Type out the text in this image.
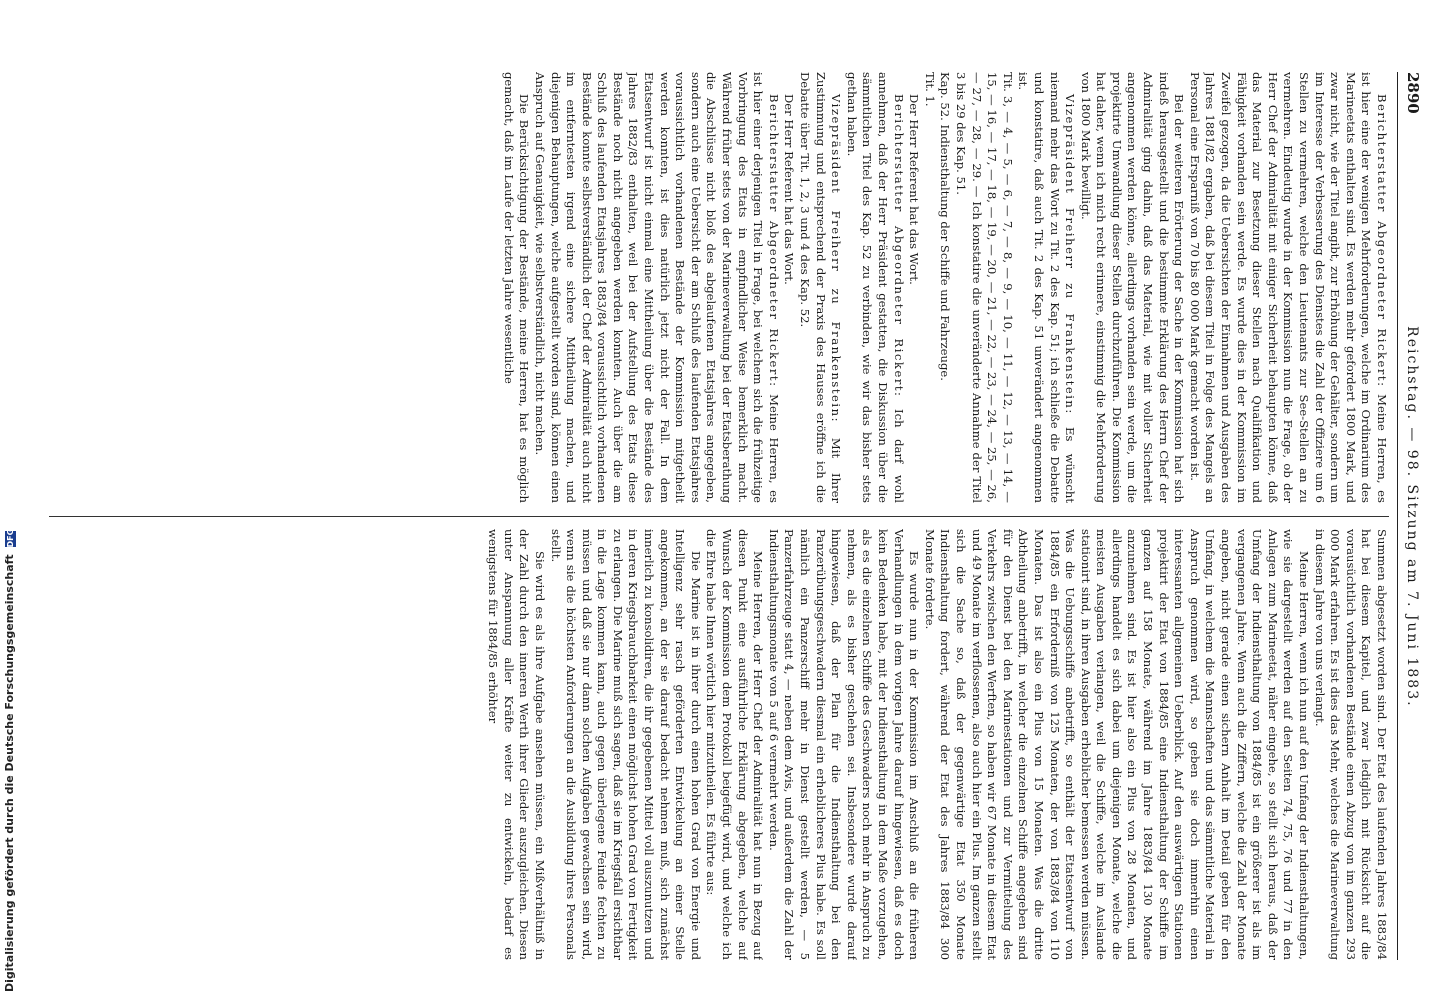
2890
Reichstag. — 98. Sitzung am 7. Juni 1883.

Berichterstatter Abgeordneter Rickert: Meine Herren, es ist hier eine der wenigen Mehrforderungen, welche im Ordinarium des Marineetats enthalten sind. Es werden mehr gefordert 1800 Mark, und zwar nicht, wie der Titel angibt, zur Erhöhung der Gehälter, sondern um im Interesse der Verbesserung des Dienstes die Zahl der Offiziere um 6 Stellen zu vermehren, welche den Lieutenants zur See-Stellen an zu vermehren. Eindeutig wurde in der Kommission nun die Frage, ob der Herr Chef der Admiralität mit einiger Sicherheit behaupten könne, daß das Material zur Besetzung dieser Stellen nach Qualifikation und Fähigkeit vorhanden sein werde. Es wurde dies in der Kommission im Zweifel gezogen, da die Uebersichten der Einnahmen und Ausgaben des Jahres 1881/82 ergaben, daß bei diesem Titel in Folge des Mangels an Personal eine Ersparniß von 70 bis 80 000 Mark gemacht worden ist.

Bei der weiteren Erörterung der Sache in der Kommission hat sich indeß herausgestellt und die bestimmte Erklärung des Herrn Chef der Admiralität ging dahin, daß das Material, wie mit voller Sicherheit angenommen werden könne, allerdings vorhanden sein werde, um die projektirte Umwandlung dieser Stellen durchzuführen. Die Kommission hat daher, wenn ich mich recht erinnere, einstimmig die Mehrforderung von 1800 Mark bewilligt.

Vizepräsident Freiherr zu Frankenstein: Es wünscht niemand mehr das Wort zu Tit. 2 des Kap. 51; ich schließe die Debatte und konstatire, daß auch Tit. 2 des Kap. 51 unverändert angenommen ist.

Tit. 3, — 4, — 5, — 6, — 7, — 8, — 9, — 10, — 11, — 12, — 13, — 14, — 15, — 16, — 17, — 18, — 19, — 20, — 21, — 22, — 23, — 24, — 25, — 26, — 27, — 28, — 29. — Ich konstatire die unveränderte Annahme der Titel 3 bis 29 des Kap. 51.

Kap. 52. Indiensthaltung der Schiffe und Fahrzeuge.

Tit. 1.

Der Herr Referent hat das Wort.

Berichterstatter Abgeordneter Rickert: Ich darf wohl annehmen, daß der Herr Präsident gestatten, die Diskussion über die sämmtlichen Titel des Kap. 52 zu verbinden, wie wir das bisher stets gethan haben.

Vizepräsident Freiherr zu Frankenstein: Mit Ihrer Zustimmung und entsprechend der Praxis des Hauses eröffne ich die Debatte über Tit. 1, 2, 3 und 4 des Kap. 52.

Der Herr Referent hat das Wort.

Berichterstatter Abgeordneter Rickert: Meine Herren, es ist hier einer derjenigen Titel in Frage, bei welchem sich die frühzeitige Vorbringung des Etats in empfindlicher Weise bemerklich macht. Während früher stets von der Marineverwaltung bei der Etatsberathung die Abschlüsse nicht bloß des abgelaufenen Etatsjahres angegeben, sondern auch eine Uebersicht der am Schluß des laufenden Etatsjahres voraussichtlich vorhandenen Bestände der Kommission mitgetheilt werden konnten, ist dies natürlich jetzt nicht der Fall. In dem Etatsentwurf ist nicht einmal eine Mittheilung über die Bestände des Jahres 1882/83 enthalten, weil bei der Aufstellung des Etats diese Bestände noch nicht angegeben werden konnten. Auch über die am Schluß des laufenden Etatsjahres 1883/84 voraussichtlich vorhandenen Bestände konnte selbstverständlich der Chef der Admiralität auch nicht im entferntesten irgend eine sichere Mittheilung machen, und diejenigen Behauptungen, welche aufgestellt worden sind, können einen Anspruch auf Genauigkeit, wie selbstverständlich, nicht machen.

Die Berücksichtigung der Bestände, meine Herren, hat es möglich gemacht, daß im Laufe der letzten Jahre wesentliche

Summen abgesetzt worden sind. Der Etat des laufenden Jahres 1883/84 hat bei diesem Kapitel, und zwar lediglich mit Rücksicht auf die vorausüchtlich vorhandenen Bestände einen Abzug von im ganzen 293 000 Mark erfahren. Es ist dies das Mehr, welches die Marineverwaltung in diesem Jahre von uns verlangt.

Meine Herren, wenn ich nun auf den Umfang der Indiensthaltungen, wie sie dargestellt werden auf den Seiten 74, 75, 76 und 77 in den Anlagen zum Marineetat, näher eingehe, so stellt sich heraus, daß der Umfang der Indiensthaltung von 1884/85 ist ein größerer ist als im vergangenen Jahre. Wenn auch die Ziffern, welche die Zahl der Monate angeben, nicht gerade einen sichern Anhalt im Detail geben für den Umfang, in welchem die Mannschaften und das sämmtliche Material in Anspruch genommen wird, so geben sie doch immerhin einen interessanten allgemeinen Ueberblick. Auf den auswärtigen Stationen projektirt der Etat von 1884/85 eine Indiensthaltung der Schiffe im ganzen auf 158 Monate, während im Jahre 1883/84 130 Monate anzunehmen sind. Es ist hier also ein Plus von 28 Monaten, und allerdings handelt es sich dabei um diejenigen Monate, welche die meisten Ausgaben verlangen, weil die Schiffe, welche im Auslande stationirt sind, in ihren Ausgaben erheblicher bemessen werden müssen. Was die Uebungsschiffe anbetrifft, so enthält der Etatsentwurf von 1884/85 ein Erforderniß von 125 Monaten, der von 1883/84 von 110 Monaten. Das ist also ein Plus von 15 Monaten. Was die dritte Abtheilung anbetrifft, in welcher die einzelnen Schiffe angegeben sind für den Dienst bei den Marinestationen und zur Vermittelung des Verkehrs zwischen den Werften, so haben wir 67 Monate in diesem Etat und 49 Monate im verflossenen, also auch hier ein Plus. Im ganzen stellt sich die Sache so, daß der gegenwärtige Etat 350 Monate Indiensthaltung fordert, während der Etat des Jahres 1883/84 300 Monate forderte.

Es wurde nun in der Kommission im Anschluß an die früheren Verhandlungen in dem vorigen Jahre darauf hingewiesen, daß es doch kein Bedenken habe, mit der Indiensthaltung in dem Maße vorzugehen, als es die einzelnen Schiffe des Geschwaders noch mehr in Anspruch zu nehmen, als es bisher geschehen sei. Insbesondere wurde darauf hingewiesen, daß der Plan für die Indiensthaltung bei den Panzerübungsgeschwadern diesmal ein erheblicheres Plus habe. Es soll nämlich ein Panzerschiff mehr in Dienst gestellt werden, — 5 Panzerfahrzeuge statt 4, — neben dem Avis, und außerdem die Zahl der Indiensthaltungsmonate von 5 auf 6 vermehrt werden.

Meine Herren, der Herr Chef der Admiralität hat nun in Bezug auf diesen Punkt eine ausführliche Erklärung abgegeben, welche auf Wunsch der Kommission dem Protokoll beigefügt wird, und welche ich die Ehre habe Ihnen wörtlich hier mitzutheilen. Es führte aus:

Die Marine ist in ihrer durch einen hohen Grad von Energie und Intelligenz sehr rasch geförderten Entwickelung an einer Stelle angekommen, an der sie darauf bedacht nehmen muß, sich zunächst innerlich zu konsolidiren, die ihr gegebenen Mittel voll auszunutzen und in deren Kriegsbrauchbarkeit einen möglichst hohen Grad von Fertigkeit zu erlangen. Die Marine muß sich sagen, daß sie im Kriegsfall ersichtbar in die Lage kommen kann, auch gegen überlegene Feinde fechten zu müssen und daß sie nur dann solchen Aufgaben gewachsen sein wird, wenn sie die höchsten Anforderungen an die Ausbildung ihres Personals stellt.

Sie wird es als ihre Aufgabe ansehen müssen, ein Mißverhältniß in der Zahl durch den inneren Werth ihrer Glieder auszugleichen. Diesen unter Anspannung aller Kräfte weiter zu entwickeln, bedarf es wenigstens für 1884/85 erhöhter

Digitalisierung gefördert durch die Deutsche Forschungsgemeinschaft DFG
